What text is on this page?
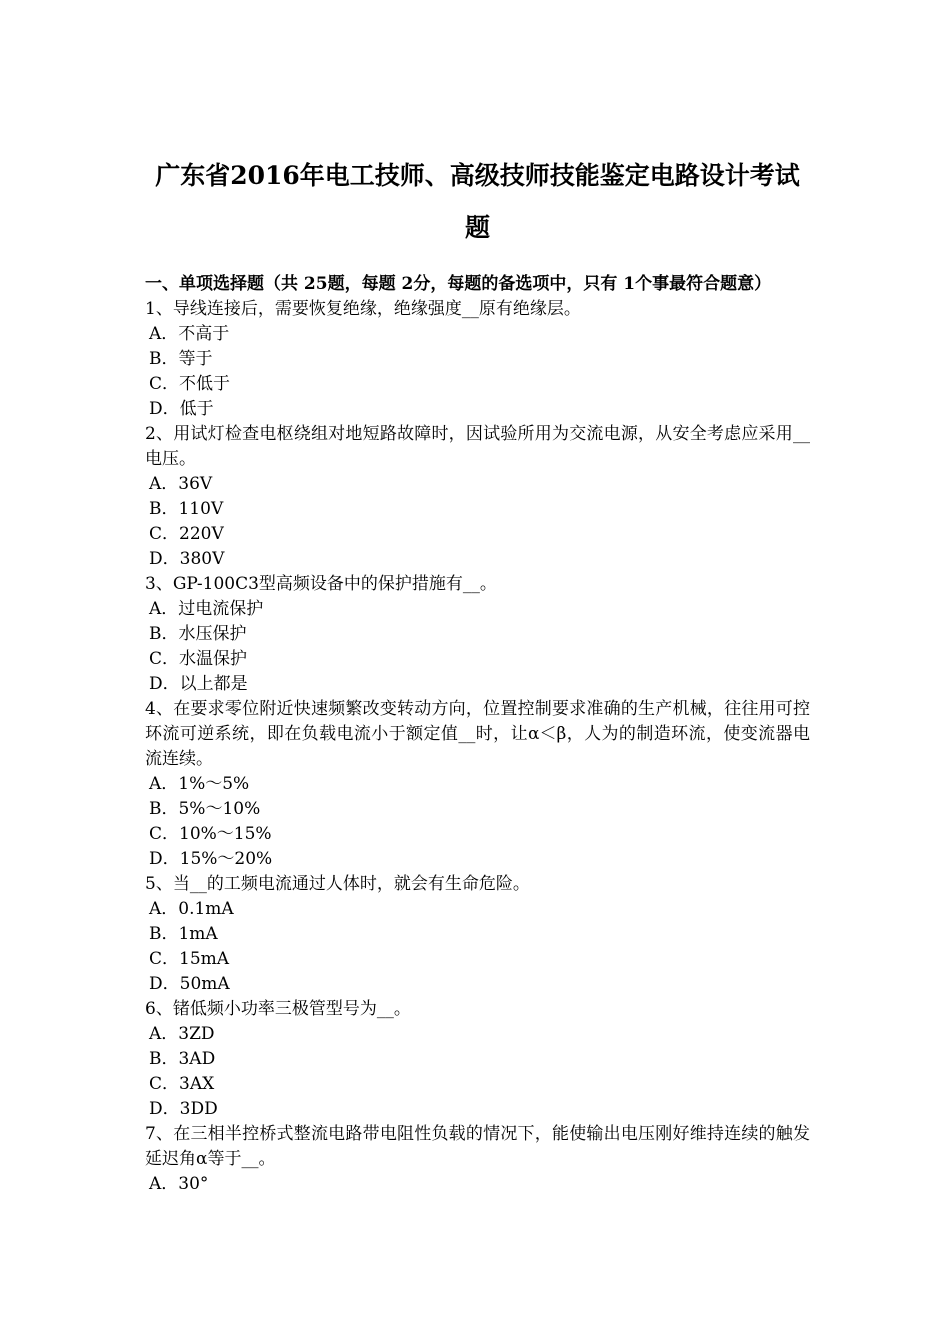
广东省2016年电工技师、高级技师技能鉴定电路设计考试题
一、单项选择题（共 25题，每题 2分，每题的备选项中，只有 1个事最符合题意）
1、导线连接后，需要恢复绝缘，绝缘强度__原有绝缘层。
A．不高于
B．等于
C．不低于
D．低于
2、用试灯检查电枢绕组对地短路故障时，因试验所用为交流电源，从安全考虑应采用__电压。
A．36V
B．110V
C．220V
D．380V
3、GP-100C3型高频设备中的保护措施有__。
A．过电流保护
B．水压保护
C．水温保护
D．以上都是
4、在要求零位附近快速频繁改变转动方向，位置控制要求准确的生产机械，往往用可控环流可逆系统，即在负载电流小于额定值__时，让α＜β，人为的制造环流，使变流器电流连续。
A．1%～5%
B．5%～10%
C．10%～15%
D．15%～20%
5、当__的工频电流通过人体时，就会有生命危险。
A．0.1mA
B．1mA
C．15mA
D．50mA
6、锗低频小功率三极管型号为__。
A．3ZD
B．3AD
C．3AX
D．3DD
7、在三相半控桥式整流电路带电阻性负载的情况下，能使输出电压刚好维持连续的触发延迟角α等于__。
A．30°
